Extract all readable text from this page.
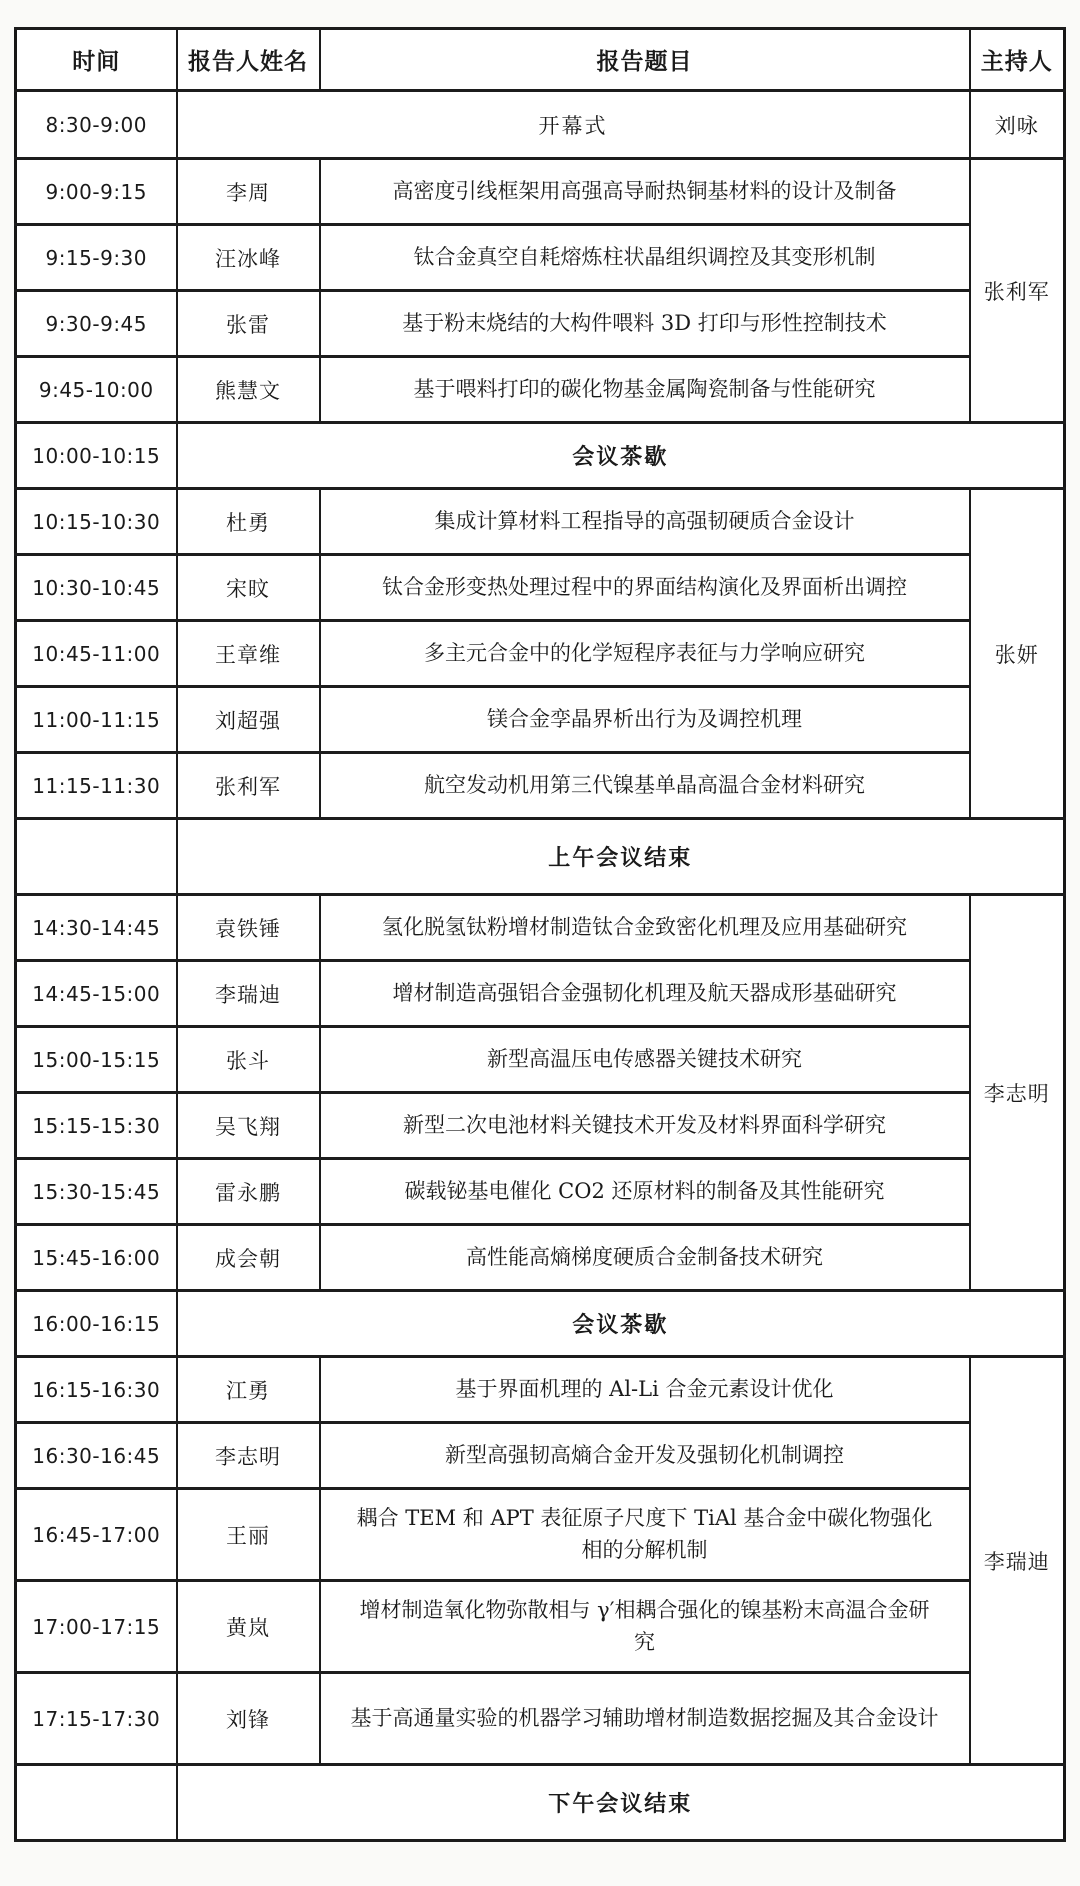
时间	报告人姓名	报告题目	主持人
8:30-9:00	开幕式		刘咏
9:00-9:15	李周	高密度引线框架用高强高导耐热铜基材料的设计及制备	张利军
9:15-9:30	汪冰峰	钛合金真空自耗熔炼柱状晶组织调控及其变形机制	
9:30-9:45	张雷	基于粉末烧结的大构件喂料 3D 打印与形性控制技术	
9:45-10:00	熊慧文	基于喂料打印的碳化物基金属陶瓷制备与性能研究	
10:00-10:15	会议茶歇		
10:15-10:30	杜勇	集成计算材料工程指导的高强韧硬质合金设计	张妍
10:30-10:45	宋旼	钛合金形变热处理过程中的界面结构演化及界面析出调控	
10:45-11:00	王章维	多主元合金中的化学短程序表征与力学响应研究	
11:00-11:15	刘超强	镁合金孪晶界析出行为及调控机理	
11:15-11:30	张利军	航空发动机用第三代镍基单晶高温合金材料研究	
	上午会议结束		
14:30-14:45	袁铁锤	氢化脱氢钛粉增材制造钛合金致密化机理及应用基础研究	李志明
14:45-15:00	李瑞迪	增材制造高强铝合金强韧化机理及航天器成形基础研究	
15:00-15:15	张斗	新型高温压电传感器关键技术研究	
15:15-15:30	吴飞翔	新型二次电池材料关键技术开发及材料界面科学研究	
15:30-15:45	雷永鹏	碳载铋基电催化 CO2 还原材料的制备及其性能研究	
15:45-16:00	成会朝	高性能高熵梯度硬质合金制备技术研究	
16:00-16:15	会议茶歇		
16:15-16:30	江勇	基于界面机理的 Al-Li 合金元素设计优化	李瑞迪
16:30-16:45	李志明	新型高强韧高熵合金开发及强韧化机制调控	
16:45-17:00	王丽	耦合 TEM 和 APT 表征原子尺度下 TiAl 基合金中碳化物强化相的分解机制	
17:00-17:15	黄岚	增材制造氧化物弥散相与 γ′相耦合强化的镍基粉末高温合金研究	
17:15-17:30	刘锋	基于高通量实验的机器学习辅助增材制造数据挖掘及其合金设计	
	下午会议结束		
